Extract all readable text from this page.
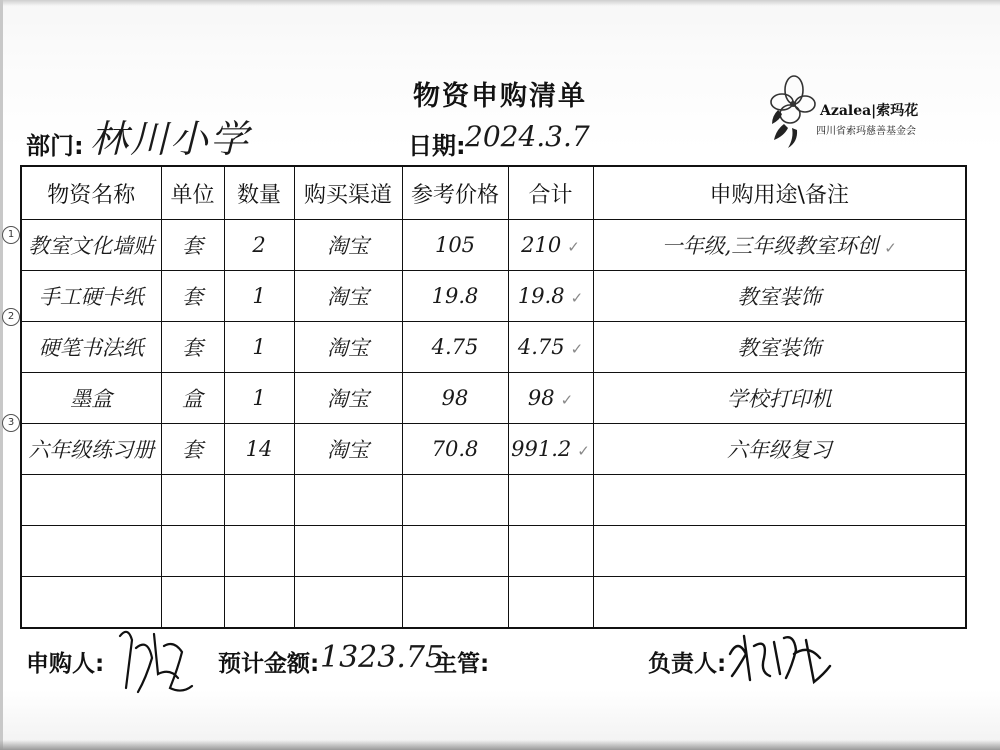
物资申购清单	Azalea|索玛花
四川省索玛慈善基金会
部门: 林川小学	日期: 2024.3.7
1
2
3
物资名称	单位	数量	购买渠道	参考价格	合计	申购用途\备注
教室文化墙贴	套	2	淘宝	105	210 ✓	一年级,三年级教室环创 ✓
手工硬卡纸	套	1	淘宝	19.8	19.8 ✓	教室装饰
硬笔书法纸	套	1	淘宝	4.75	4.75 ✓	教室装饰
墨盒	盒	1	淘宝	98	98 ✓	学校打印机
六年级练习册	套	14	淘宝	70.8	991.2 ✓	六年级复习

申购人:	预计金额: 1323.75
主管:	负责人:
